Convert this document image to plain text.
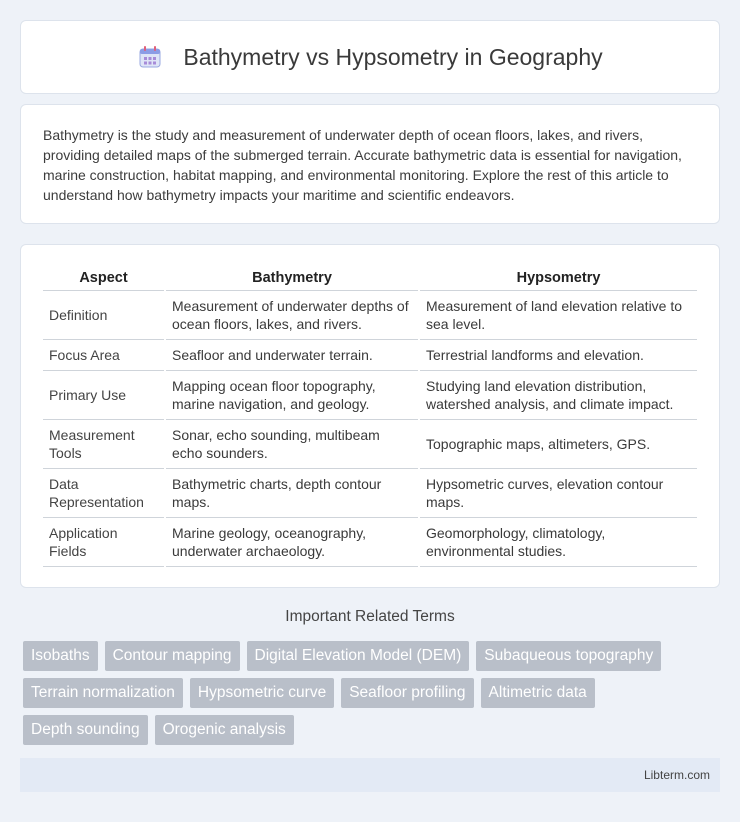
Bathymetry vs Hypsometry in Geography

Bathymetry is the study and measurement of underwater depth of ocean floors, lakes, and rivers, providing detailed maps of the submerged terrain. Accurate bathymetric data is essential for navigation, marine construction, habitat mapping, and environmental monitoring. Explore the rest of this article to understand how bathymetry impacts your maritime and scientific endeavors.

Aspect	Bathymetry	Hypsometry
Definition	Measurement of underwater depths of ocean floors, lakes, and rivers.	Measurement of land elevation relative to sea level.
Focus Area	Seafloor and underwater terrain.	Terrestrial landforms and elevation.
Primary Use	Mapping ocean floor topography, marine navigation, and geology.	Studying land elevation distribution, watershed analysis, and climate impact.
Measurement Tools	Sonar, echo sounding, multibeam echo sounders.	Topographic maps, altimeters, GPS.
Data Representation	Bathymetric charts, depth contour maps.	Hypsometric curves, elevation contour maps.
Application Fields	Marine geology, oceanography, underwater archaeology.	Geomorphology, climatology, environmental studies.
Important Related Terms
Isobaths	Contour mapping	Digital Elevation Model (DEM)	Subaqueous topography
Terrain normalization	Hypsometric curve	Seafloor profiling	Altimetric data
Depth sounding	Orogenic analysis
Libterm.com
